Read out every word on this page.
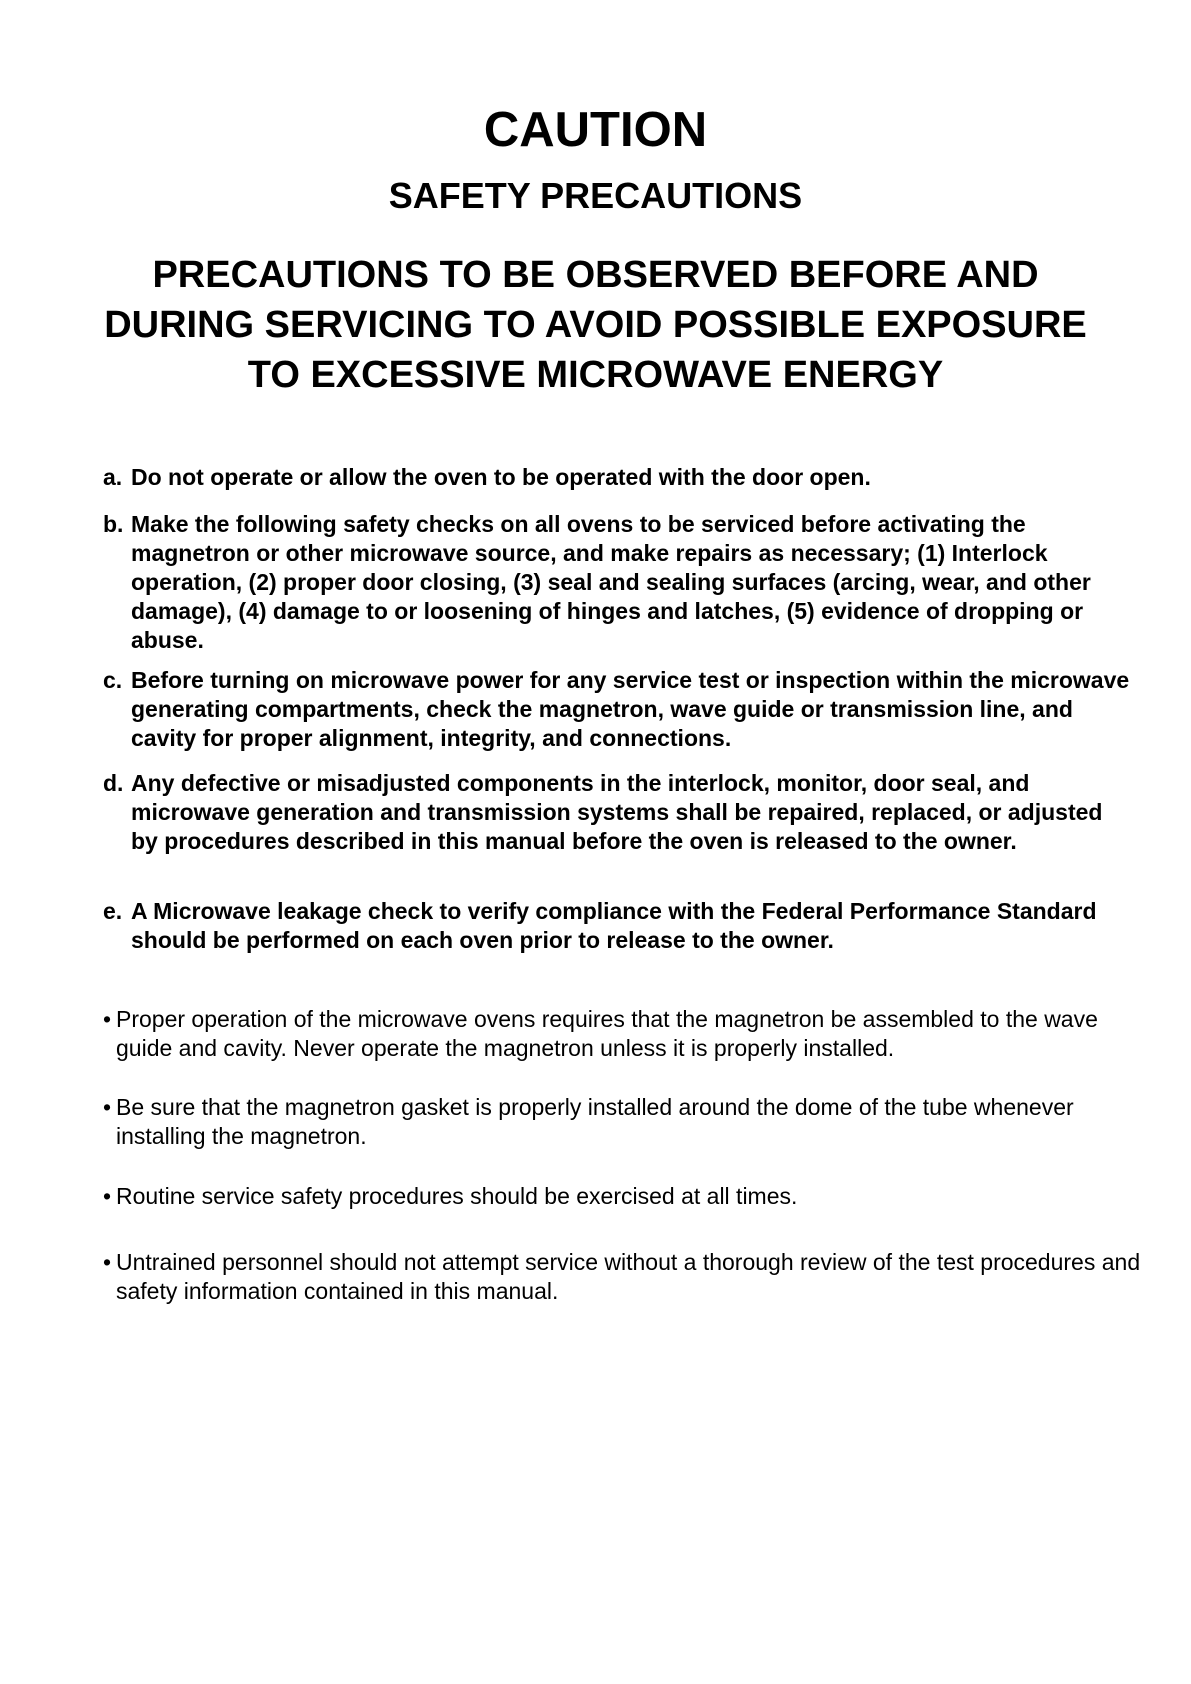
CAUTION
SAFETY PRECAUTIONS
PRECAUTIONS TO BE OBSERVED BEFORE AND
DURING SERVICING TO AVOID POSSIBLE EXPOSURE
TO EXCESSIVE MICROWAVE ENERGY
a. Do not operate or allow the oven to be operated with the door open.
b. Make the following safety checks on all ovens to be serviced before activating the magnetron or other microwave source, and make repairs as necessary; (1) Interlock operation, (2) proper door closing, (3) seal and sealing surfaces (arcing, wear, and other damage), (4) damage to or loosening of hinges and latches, (5) evidence of dropping or abuse.
c. Before turning on microwave power for any service test or inspection within the microwave generating compartments, check the magnetron, wave guide or transmission line, and cavity for proper alignment, integrity, and connections.
d. Any defective or misadjusted components in the interlock, monitor, door seal, and microwave generation and transmission systems shall be repaired, replaced, or adjusted by procedures described in this manual before the oven is released to the owner.
e. A Microwave leakage check to verify compliance with the Federal Performance Standard should be performed on each oven prior to release to the owner.
• Proper operation of the microwave ovens requires that the magnetron be assembled to the wave guide and cavity. Never operate the magnetron unless it is properly installed.
• Be sure that the magnetron gasket is properly installed around the dome of the tube whenever installing the magnetron.
• Routine service safety procedures should be exercised at all times.
• Untrained personnel should not attempt service without a thorough review of the test procedures and safety information contained in this manual.
